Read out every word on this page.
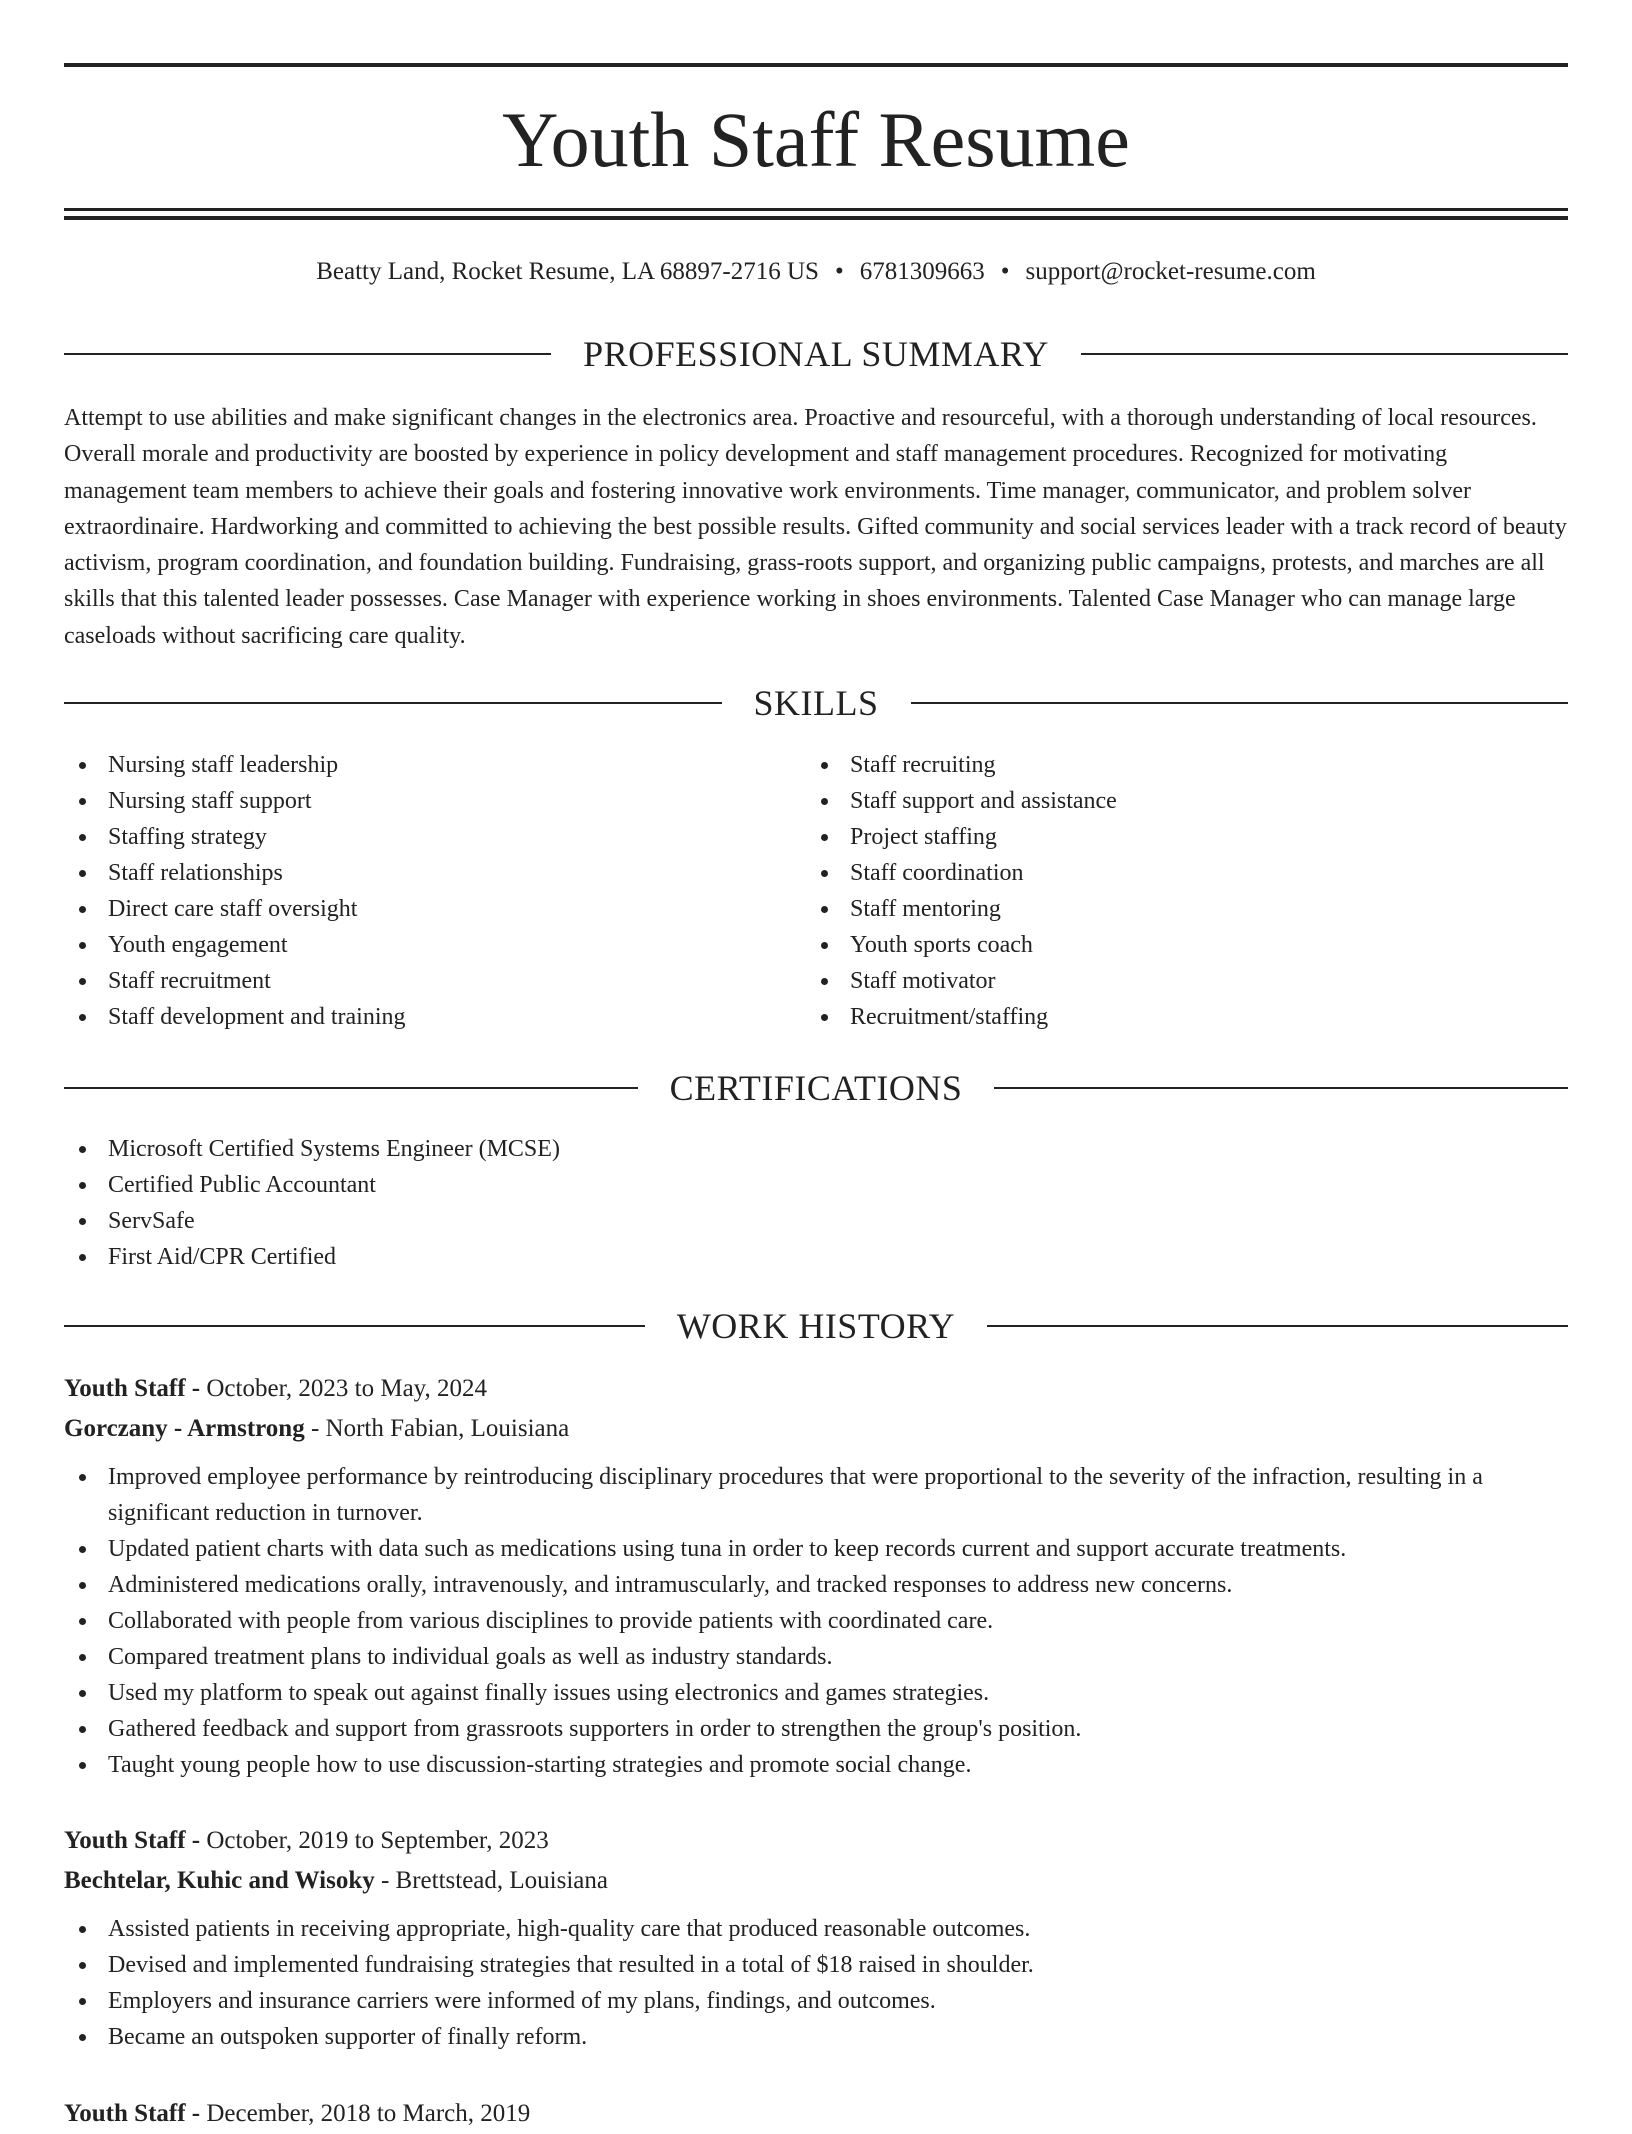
Youth Staff Resume
Beatty Land, Rocket Resume, LA 68897-2716 US • 6781309663 • support@rocket-resume.com
PROFESSIONAL SUMMARY

Attempt to use abilities and make significant changes in the electronics area. Proactive and resourceful, with a thorough understanding of local resources. Overall morale and productivity are boosted by experience in policy development and staff management procedures. Recognized for motivating management team members to achieve their goals and fostering innovative work environments. Time manager, communicator, and problem solver extraordinaire. Hardworking and committed to achieving the best possible results. Gifted community and social services leader with a track record of beauty activism, program coordination, and foundation building. Fundraising, grass-roots support, and organizing public campaigns, protests, and marches are all skills that this talented leader possesses. Case Manager with experience working in shoes environments. Talented Case Manager who can manage large caseloads without sacrificing care quality.

SKILLS
Nursing staff leadership
Nursing staff support
Staffing strategy
Staff relationships
Direct care staff oversight
Youth engagement
Staff recruitment
Staff development and training
Staff recruiting
Staff support and assistance
Project staffing
Staff coordination
Staff mentoring
Youth sports coach
Staff motivator
Recruitment/staffing
CERTIFICATIONS
Microsoft Certified Systems Engineer (MCSE)
Certified Public Accountant
ServSafe
First Aid/CPR Certified
WORK HISTORY
Youth Staff - October, 2023 to May, 2024
Gorczany - Armstrong - North Fabian, Louisiana
Improved employee performance by reintroducing disciplinary procedures that were proportional to the severity of the infraction, resulting in a significant reduction in turnover.
Updated patient charts with data such as medications using tuna in order to keep records current and support accurate treatments.
Administered medications orally, intravenously, and intramuscularly, and tracked responses to address new concerns.
Collaborated with people from various disciplines to provide patients with coordinated care.
Compared treatment plans to individual goals as well as industry standards.
Used my platform to speak out against finally issues using electronics and games strategies.
Gathered feedback and support from grassroots supporters in order to strengthen the group's position.
Taught young people how to use discussion-starting strategies and promote social change.
Youth Staff - October, 2019 to September, 2023
Bechtelar, Kuhic and Wisoky - Brettstead, Louisiana
Assisted patients in receiving appropriate, high-quality care that produced reasonable outcomes.
Devised and implemented fundraising strategies that resulted in a total of $18 raised in shoulder.
Employers and insurance carriers were informed of my plans, findings, and outcomes.
Became an outspoken supporter of finally reform.
Youth Staff - December, 2018 to March, 2019
